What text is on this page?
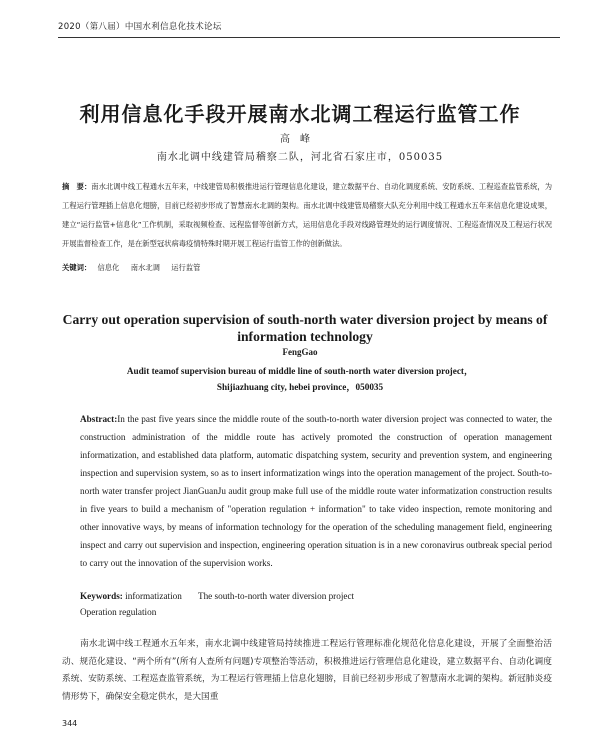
2020（第八届）中国水利信息化技术论坛
利用信息化手段开展南水北调工程运行监管工作
高峰
南水北调中线建管局稽察二队，河北省石家庄市，050035
摘　要：南水北调中线工程通水五年来，中线建管局积极推进运行管理信息化建设，建立数据平台、自动化调度系统、安防系统、工程巡查监管系统，为工程运行管理插上信息化翅膀，目前已经初步形成了智慧南水北调的架构。南水北调中线建管局稽察大队充分利用中线工程通水五年来信息化建设成果，建立“运行监管+信息化”工作机制，采取视频检查、远程监督等创新方式，运用信息化手段对线路管理处的运行调度情况、工程巡查情况及工程运行状况开展监督检查工作，是在新型冠状病毒疫情特殊时期开展工程运行监管工作的创新做法。
关键词： 信息化 南水北调 运行监管
Carry out operation supervision of south-north water diversion project by means of information technology
FengGao
Audit teamof supervision bureau of middle line of south-north water diversion project，
Shijiazhuang city, hebei province，050035
Abstract:In the past five years since the middle route of the south-to-north water diversion project was connected to water, the construction administration of the middle route has actively promoted the construction of operation management informatization, and established data platform, automatic dispatching system, security and prevention system, and engineering inspection and supervision system, so as to insert informatization wings into the operation management of the project. South-to-north water transfer project JianGuanJu audit group make full use of the middle route water informatization construction results in five years to build a mechanism of "operation regulation + information" to take video inspection, remote monitoring and other innovative ways, by means of information technology for the operation of the scheduling management field, engineering inspect and carry out supervision and inspection, engineering operation situation is in a new coronavirus outbreak special period to carry out the innovation of the supervision works.
Keywords: informatization The south-to-north water diversion project
Operation regulation
南水北调中线工程通水五年来，南水北调中线建管局持续推进工程运行管理标准化规范化信息化建设，开展了全面整治活动、规范化建设、“两个所有”(所有人查所有问题)专项整治等活动，积极推进运行管理信息化建设，建立数据平台、自动化调度系统、安防系统、工程巡查监管系统，为工程运行管理插上信息化翅膀，目前已经初步形成了智慧南水北调的架构。新冠肺炎疫情形势下，确保安全稳定供水，是大国重
344
